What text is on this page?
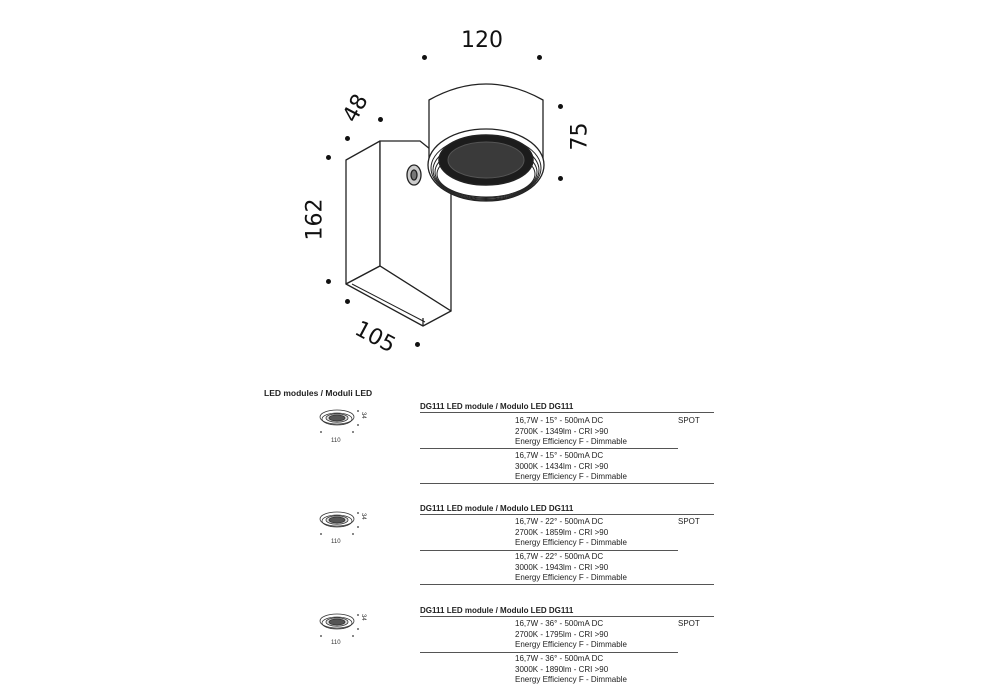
120
75
48
162
105
LED modules / Moduli LED
110
34
110
34
110
34
DG111 LED module / Modulo LED DG111
16,7W - 15° - 500mA DC
2700K - 1349lm - CRI >90
Energy Efficiency F - Dimmable
SPOT
16,7W - 15° - 500mA DC
3000K - 1434lm - CRI >90
Energy Efficiency F - Dimmable
DG111 LED module / Modulo LED DG111
16,7W - 22° - 500mA DC
2700K - 1859lm - CRI >90
Energy Efficiency F - Dimmable
SPOT
16,7W - 22° - 500mA DC
3000K - 1943lm - CRI >90
Energy Efficiency F - Dimmable
DG111 LED module / Modulo LED DG111
16,7W - 36° - 500mA DC
2700K - 1795lm - CRI >90
Energy Efficiency F - Dimmable
SPOT
16,7W - 36° - 500mA DC
3000K - 1890lm - CRI >90
Energy Efficiency F - Dimmable
